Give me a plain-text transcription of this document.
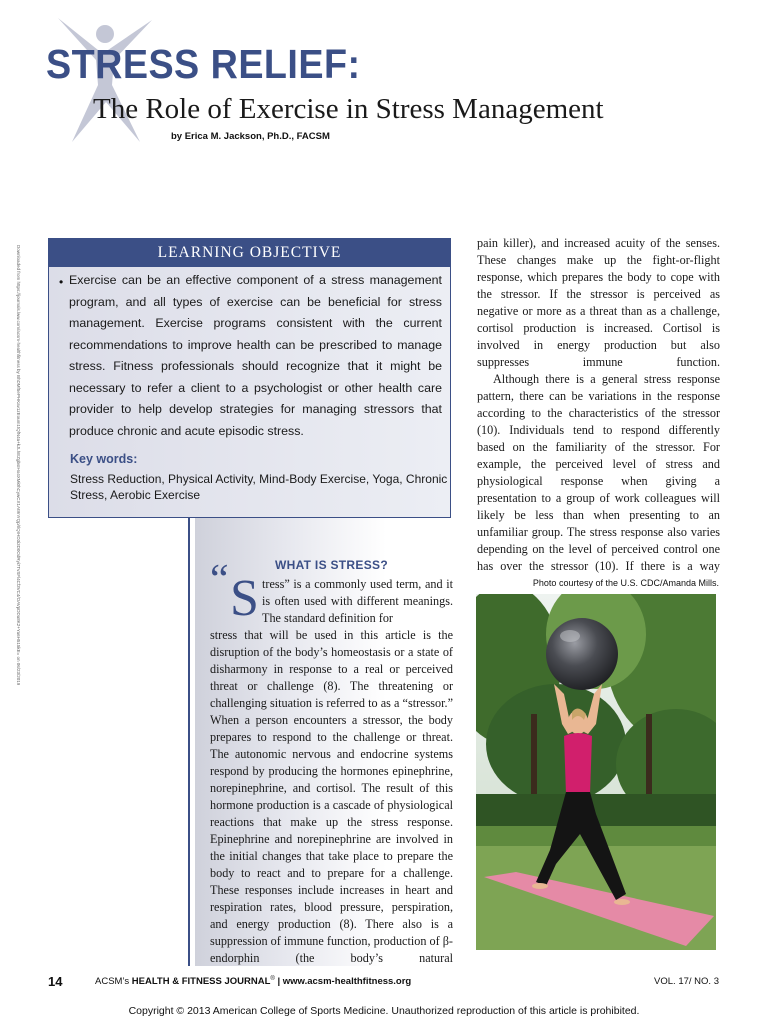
STRESS RELIEF:
The Role of Exercise in Stress Management
by Erica M. Jackson, Ph.D., FACSM
Downloaded from https://journals.lww.com/acsm-healthfitness by BhDMf5ePHKav1zEoum1tQfN4a+kJLhEZgbsIHo4XMi0hCywCX1AWnYQp/IlQrHD3i3D0OdRyi7TvSFl4Cf3VC4/OAVpDDa8K2+Ya6H515kE= on 06/23/2019	LEARNING OBJECTIVE
• Exercise can be an effective component of a stress management program, and all types of exercise can be beneficial for stress management. Exercise programs consistent with the current recommendations to improve health can be prescribed to manage stress. Fitness professionals should recognize that it might be necessary to refer a client to a psychologist or other health care provider to help develop strategies for managing stressors that produce chronic and acute episodic stress.
Key words:
Stress Reduction, Physical Activity, Mind-Body Exercise, Yoga, Chronic Stress, Aerobic Exercise
WHAT IS STRESS?
“ S tress” is a commonly used term, and it is often used with different meanings. The standard definition for
stress that will be used in this article is the disruption of the body’s homeostasis or a state of disharmony in response to a real or perceived threat or challenge (8). The threatening or challenging situation is referred to as a “stressor.” When a person encounters a stressor, the body prepares to respond to the challenge or threat. The autonomic nervous and endocrine systems respond by producing the hormones epinephrine, norepinephrine, and cortisol. The result of this hormone production is a cascade of physiological reactions that make up the stress response. Epinephrine and norepinephrine are involved in the initial changes that take place to prepare the body to react and to prepare for a challenge. These responses include increases in heart and respiration rates, blood pressure, perspiration, and energy production (8). There also is a suppression of immune function, production of β-endorphin (the body’s natural
pain killer), and increased acuity of the senses. These changes make up the fight-or-flight response, which prepares the body to cope with the stressor. If the stressor is perceived as negative or more as a threat than as a challenge, cortisol production is increased. Cortisol is involved in energy production but also suppresses immune function.
Although there is a general stress response pattern, there can be variations in the response according to the characteristics of the stressor (10). Individuals tend to respond differently based on the familiarity of the stressor. For example, the perceived level of stress and physiological response when giving a presentation to a group of work colleagues will likely be less than when presenting to an unfamiliar group. The stress response also varies depending on the level of perceived control one has over the stressor (10). If there is a way
Photo courtesy of the U.S. CDC/Amanda Mills.
14	ACSM’s HEALTH & FITNESS JOURNAL® | www.acsm-healthfitness.org	VOL. 17/ NO. 3
Copyright © 2013 American College of Sports Medicine. Unauthorized reproduction of this article is prohibited.
